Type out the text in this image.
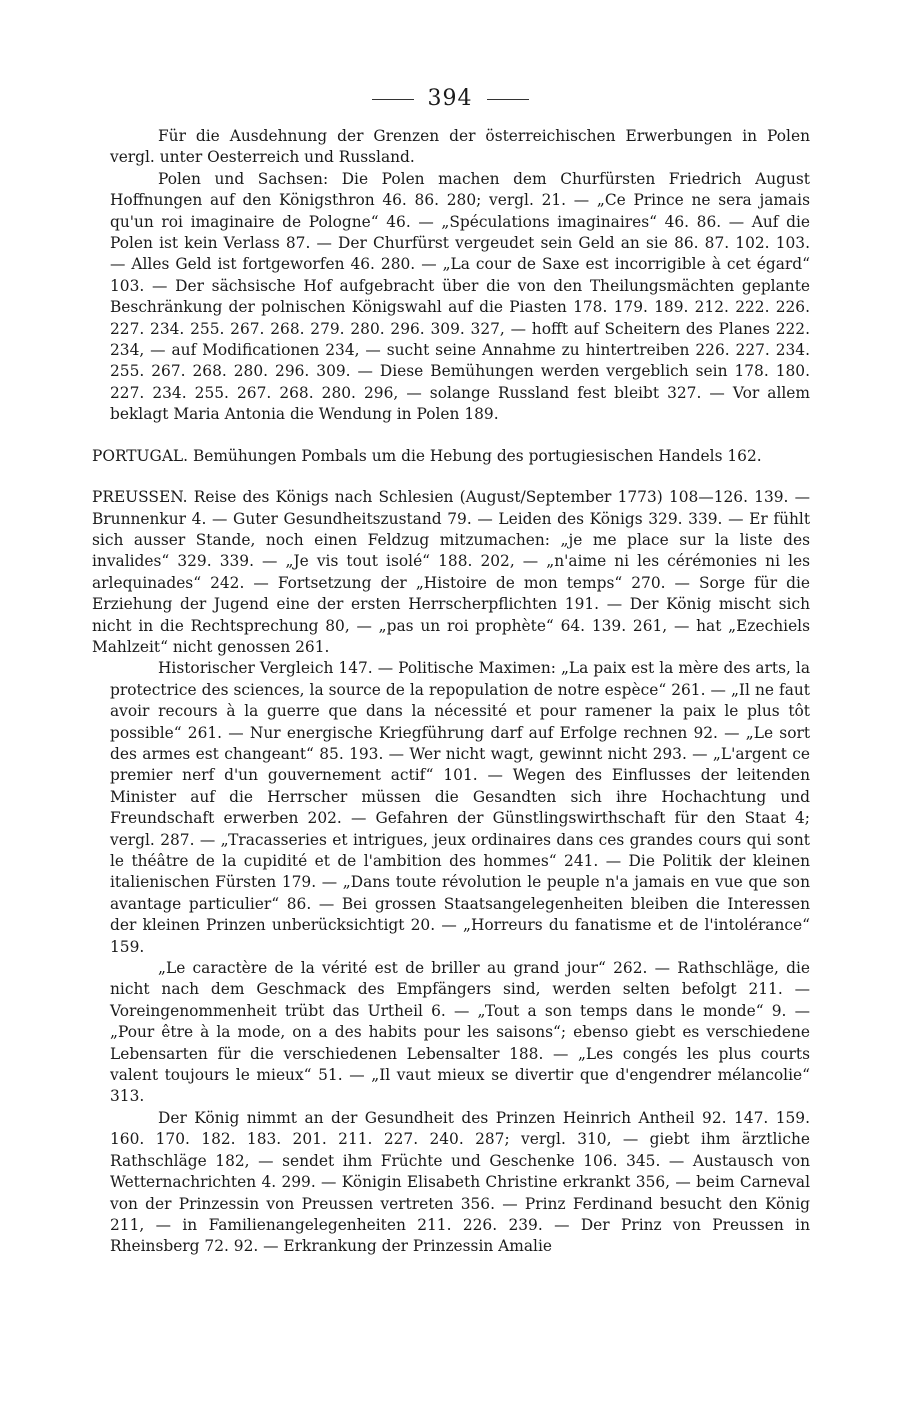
394

Für die Ausdehnung der Grenzen der österreichischen Erwerbungen in Polen vergl. unter Oesterreich und Russland.

Polen und Sachsen: Die Polen machen dem Churfürsten Friedrich August Hoffnungen auf den Königsthron 46. 86. 280; vergl. 21. — „Ce Prince ne sera jamais qu'un roi imaginaire de Pologne“ 46. — „Spéculations imaginaires“ 46. 86. — Auf die Polen ist kein Verlass 87. — Der Churfürst vergeudet sein Geld an sie 86. 87. 102. 103. — Alles Geld ist fortgeworfen 46. 280. — „La cour de Saxe est incorrigible à cet égard“ 103. — Der sächsische Hof aufgebracht über die von den Theilungsmächten geplante Beschränkung der polnischen Königswahl auf die Piasten 178. 179. 189. 212. 222. 226. 227. 234. 255. 267. 268. 279. 280. 296. 309. 327, — hofft auf Scheitern des Planes 222. 234, — auf Modificationen 234, — sucht seine Annahme zu hintertreiben 226. 227. 234. 255. 267. 268. 280. 296. 309. — Diese Bemühungen werden vergeblich sein 178. 180. 227. 234. 255. 267. 268. 280. 296, — solange Russland fest bleibt 327. — Vor allem beklagt Maria Antonia die Wendung in Polen 189.

PORTUGAL. Bemühungen Pombals um die Hebung des portugiesischen Handels 162.

PREUSSEN. Reise des Königs nach Schlesien (August/September 1773) 108—126. 139. — Brunnenkur 4. — Guter Gesundheitszustand 79. — Leiden des Königs 329. 339. — Er fühlt sich ausser Stande, noch einen Feldzug mitzumachen: „je me place sur la liste des invalides“ 329. 339. — „Je vis tout isolé“ 188. 202, — „n'aime ni les cérémonies ni les arlequinades“ 242. — Fortsetzung der „Histoire de mon temps“ 270. — Sorge für die Erziehung der Jugend eine der ersten Herrscherpflichten 191. — Der König mischt sich nicht in die Rechtsprechung 80, — „pas un roi prophète“ 64. 139. 261, — hat „Ezechiels Mahlzeit“ nicht genossen 261.

Historischer Vergleich 147. — Politische Maximen: „La paix est la mère des arts, la protectrice des sciences, la source de la repopulation de notre espèce“ 261. — „Il ne faut avoir recours à la guerre que dans la nécessité et pour ramener la paix le plus tôt possible“ 261. — Nur energische Kriegführung darf auf Erfolge rechnen 92. — „Le sort des armes est changeant“ 85. 193. — Wer nicht wagt, gewinnt nicht 293. — „L'argent ce premier nerf d'un gouvernement actif“ 101. — Wegen des Einflusses der leitenden Minister auf die Herrscher müssen die Gesandten sich ihre Hochachtung und Freundschaft erwerben 202. — Gefahren der Günstlingswirthschaft für den Staat 4; vergl. 287. — „Tracasseries et intrigues, jeux ordinaires dans ces grandes cours qui sont le théâtre de la cupidité et de l'ambition des hommes“ 241. — Die Politik der kleinen italienischen Fürsten 179. — „Dans toute révolution le peuple n'a jamais en vue que son avantage particulier“ 86. — Bei grossen Staatsangelegenheiten bleiben die Interessen der kleinen Prinzen unberücksichtigt 20. — „Horreurs du fanatisme et de l'intolérance“ 159.

„Le caractère de la vérité est de briller au grand jour“ 262. — Rathschläge, die nicht nach dem Geschmack des Empfängers sind, werden selten befolgt 211. — Voreingenommenheit trübt das Urtheil 6. — „Tout a son temps dans le monde“ 9. — „Pour être à la mode, on a des habits pour les saisons“; ebenso giebt es verschiedene Lebensarten für die verschiedenen Lebensalter 188. — „Les congés les plus courts valent toujours le mieux“ 51. — „Il vaut mieux se divertir que d'engendrer mélancolie“ 313.

Der König nimmt an der Gesundheit des Prinzen Heinrich Antheil 92. 147. 159. 160. 170. 182. 183. 201. 211. 227. 240. 287; vergl. 310, — giebt ihm ärztliche Rathschläge 182, — sendet ihm Früchte und Geschenke 106. 345. — Austausch von Wetternachrichten 4. 299. — Königin Elisabeth Christine erkrankt 356, — beim Carneval von der Prinzessin von Preussen vertreten 356. — Prinz Ferdinand besucht den König 211, — in Familienangelegenheiten 211. 226. 239. — Der Prinz von Preussen in Rheinsberg 72. 92. — Erkrankung der Prinzessin Amalie
